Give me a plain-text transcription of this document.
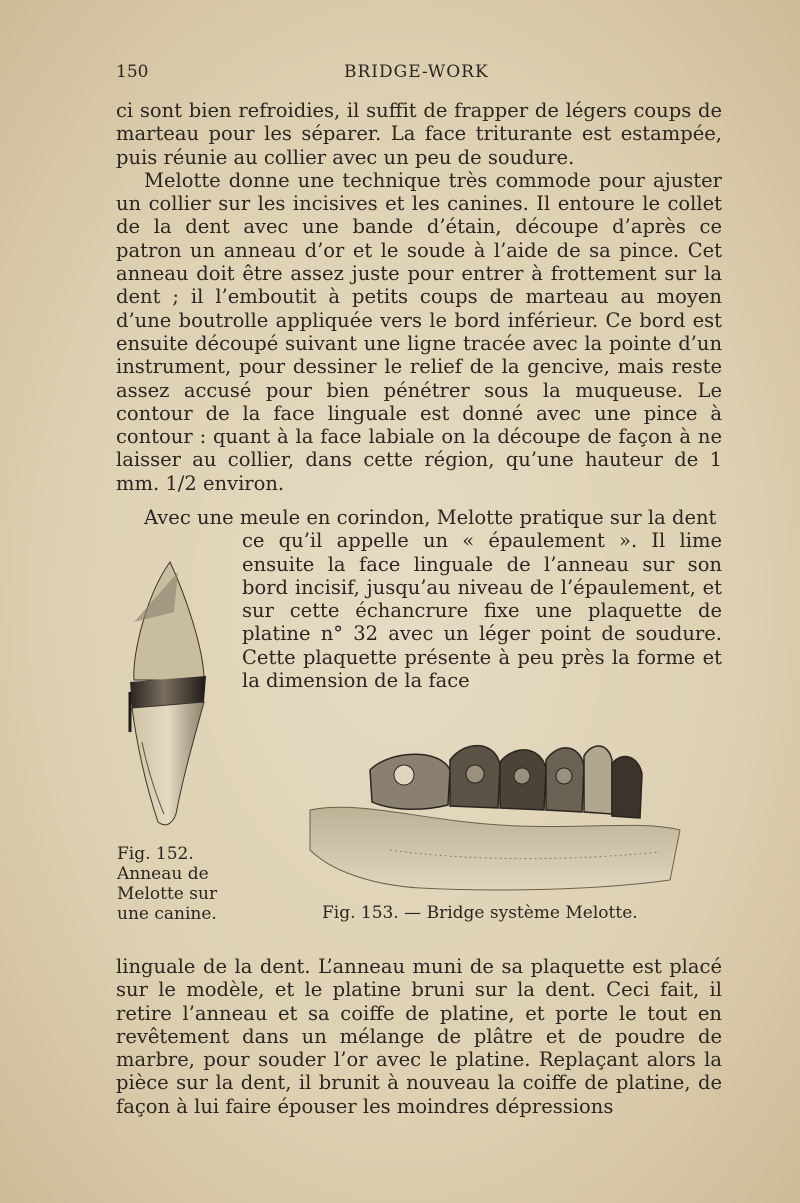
150	BRIDGE-WORK

ci sont bien refroidies, il suffit de frapper de légers coups de marteau pour les séparer. La face triturante est estampée, puis réunie au collier avec un peu de soudure.

Melotte donne une technique très commode pour ajuster un collier sur les incisives et les canines. Il entoure le collet de la dent avec une bande d’étain, découpe d’après ce patron un anneau d’or et le soude à l’aide de sa pince. Cet anneau doit être assez juste pour entrer à frottement sur la dent ; il l’emboutit à petits coups de marteau au moyen d’une boutrolle appliquée vers le bord inférieur. Ce bord est ensuite découpé suivant une ligne tracée avec la pointe d’un instrument, pour dessiner le relief de la gencive, mais reste assez accusé pour bien pénétrer sous la muqueuse. Le contour de la face linguale est donné avec une pince à contour : quant à la face labiale on la découpe de façon à ne laisser au collier, dans cette région, qu’une hauteur de 1 mm. 1/2 environ.

Avec une meule en corindon, Melotte pratique sur la dent

ce qu’il appelle un « épaulement ». Il lime ensuite la face linguale de l’anneau sur son bord incisif, jusqu’au niveau de l’épaulement, et sur cette échancrure fixe une plaquette de platine n° 32 avec un léger point de soudure. Cette plaquette présente à peu près la forme et la dimension de la face

Fig. 152.
Anneau de
Melotte sur
une canine.	Fig. 153. — Bridge système Melotte.

linguale de la dent. L’anneau muni de sa plaquette est placé sur le modèle, et le platine bruni sur la dent. Ceci fait, il retire l’anneau et sa coiffe de platine, et porte le tout en revêtement dans un mélange de plâtre et de poudre de marbre, pour souder l’or avec le platine. Replaçant alors la pièce sur la dent, il brunit à nouveau la coiffe de platine, de façon à lui faire épouser les moindres dépressions
